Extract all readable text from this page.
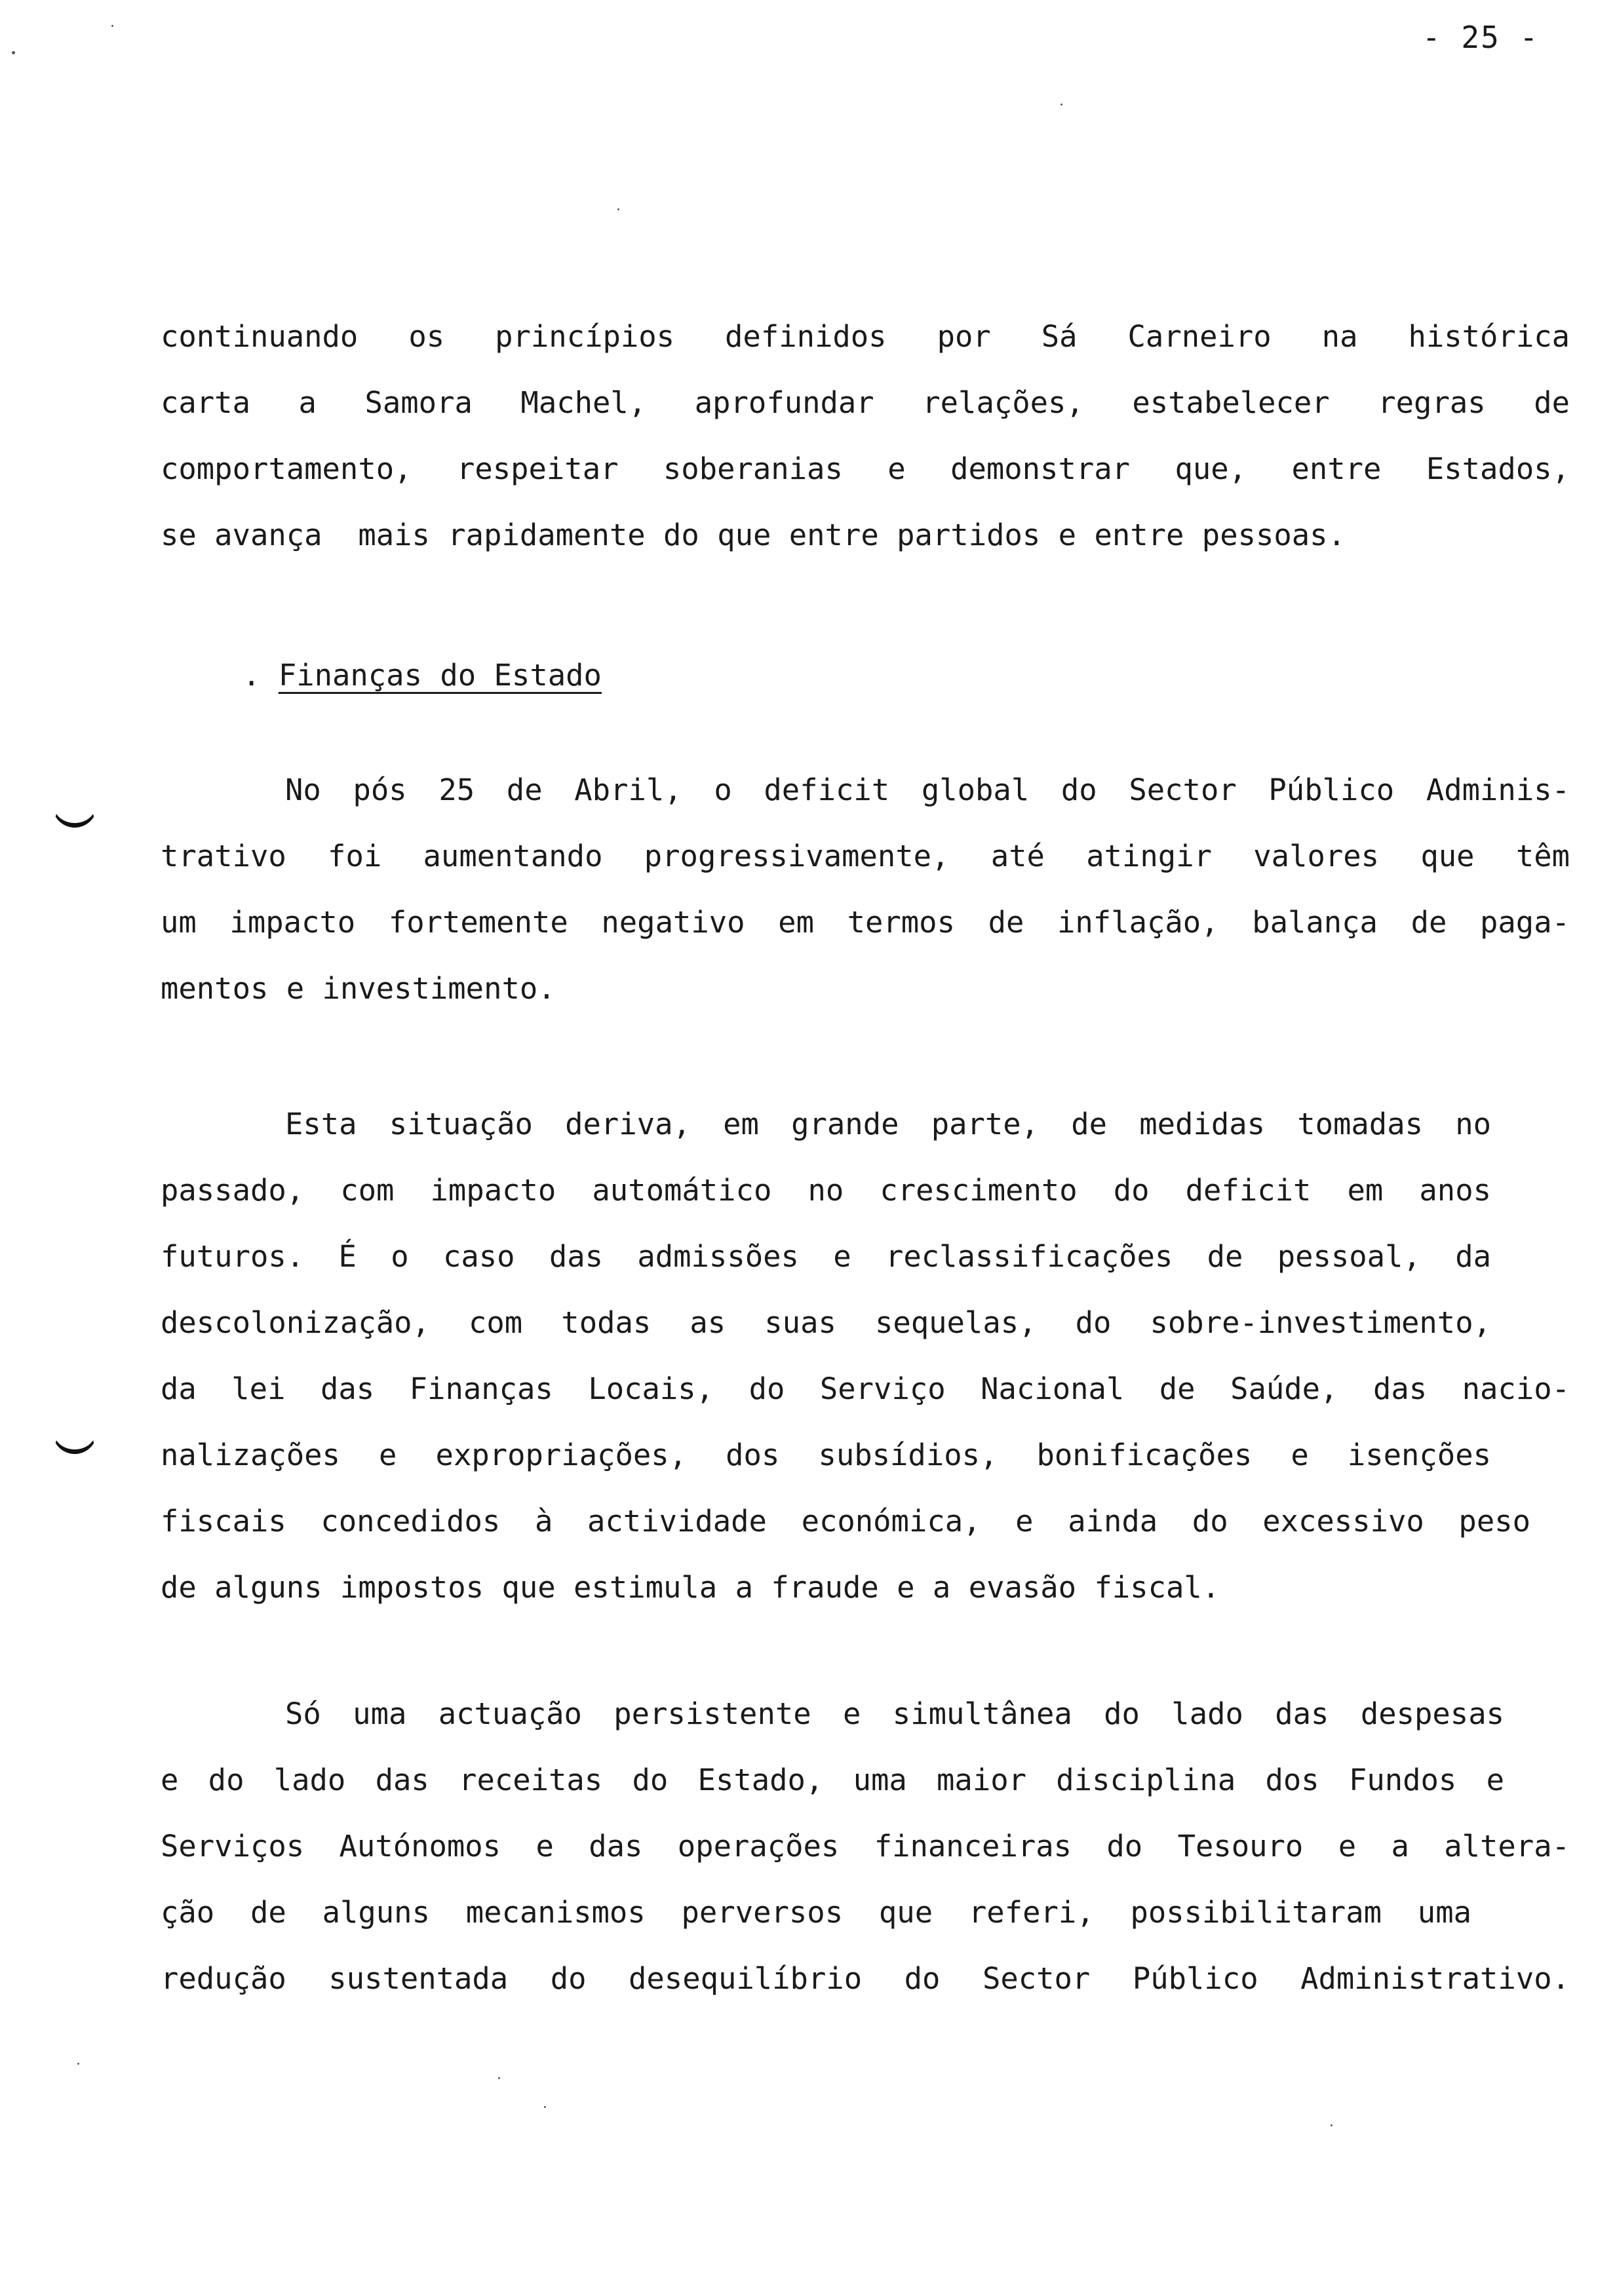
- 25 -
continuando os princípios definidos por Sá Carneiro na histórica
carta a Samora Machel, aprofundar relações, estabelecer regras de
comportamento, respeitar soberanias e demonstrar que, entre Estados,
se avança  mais rapidamente do que entre partidos e entre pessoas.
. Finanças do Estado
No pós 25 de Abril, o deficit global do Sector Público Adminis-
trativo foi aumentando progressivamente, até atingir valores que têm
um impacto fortemente negativo em termos de inflação, balança de paga-
mentos e investimento.
Esta situação deriva, em grande parte, de medidas tomadas no
passado, com impacto automático no crescimento do deficit em anos
futuros. É o caso das admissões e reclassificações de pessoal, da
descolonização, com todas as suas sequelas, do sobre-investimento,
da lei das Finanças Locais, do Serviço Nacional de Saúde, das nacio-
nalizações e expropriações, dos subsídios, bonificações e isenções
fiscais concedidos à actividade económica, e ainda do excessivo peso
de alguns impostos que estimula a fraude e a evasão fiscal.
Só uma actuação persistente e simultânea do lado das despesas
e do lado das receitas do Estado, uma maior disciplina dos Fundos e
Serviços Autónomos e das operações financeiras do Tesouro e a altera-
ção de alguns mecanismos perversos que referi, possibilitaram uma
redução sustentada do desequilíbrio do Sector Público Administrativo.
